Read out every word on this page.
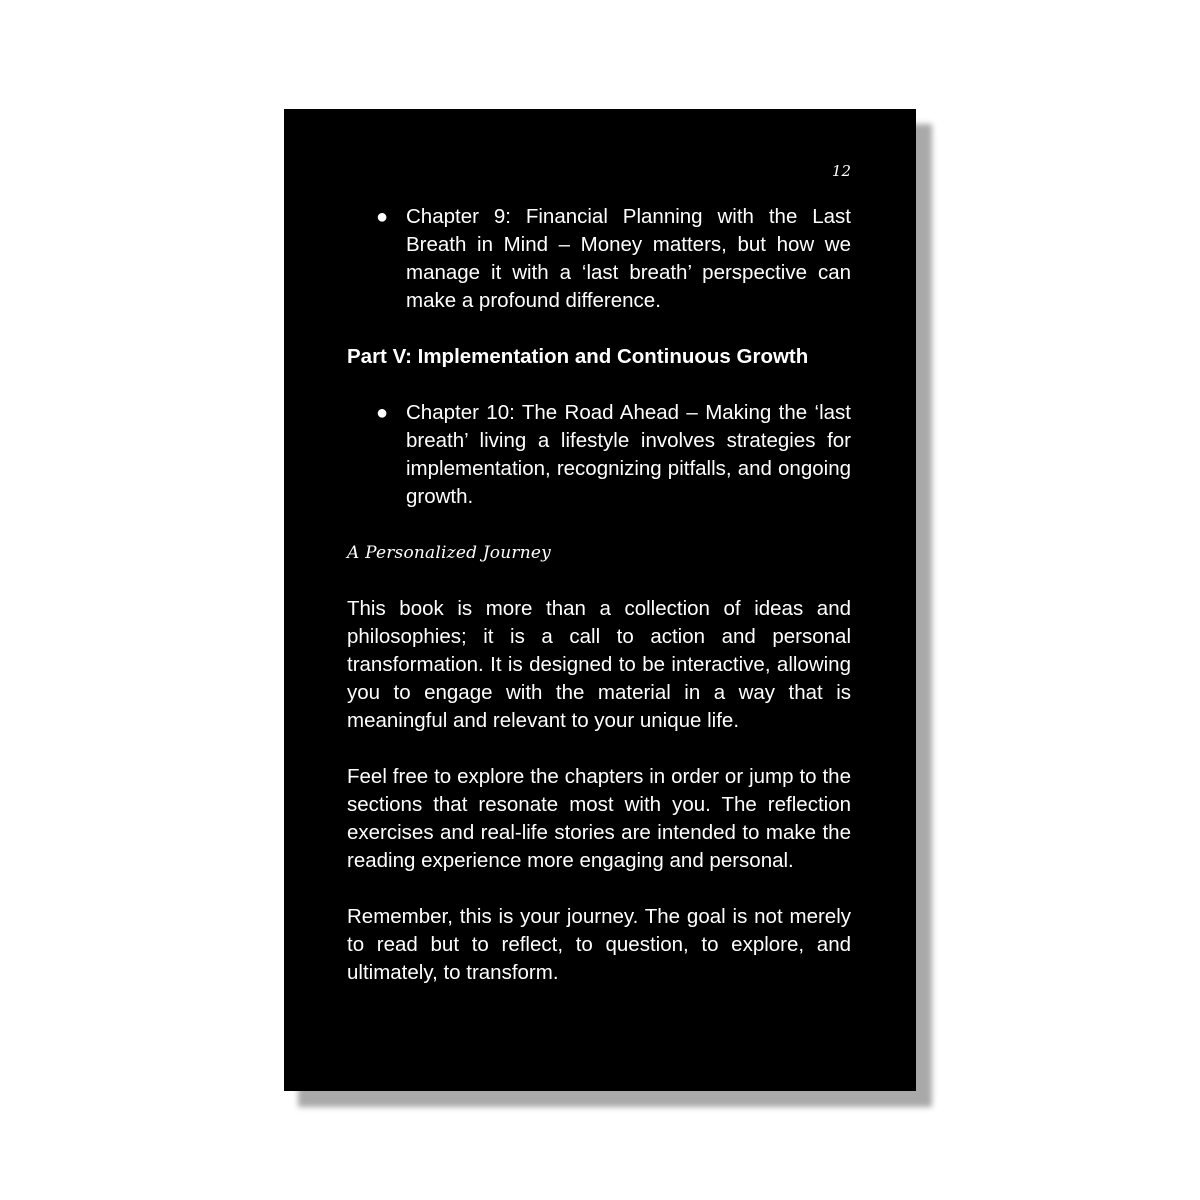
12

● Chapter 9: Financial Planning with the Last Breath in Mind – Money matters, but how we manage it with a ‘last breath’ perspective can make a profound difference.

Part V: Implementation and Continuous Growth

● Chapter 10: The Road Ahead – Making the ‘last breath’ living a lifestyle involves strategies for implementation, recognizing pitfalls, and ongoing growth.

A Personalized Journey

This book is more than a collection of ideas and philosophies; it is a call to action and personal transformation. It is designed to be interactive, allowing you to engage with the material in a way that is meaningful and relevant to your unique life.

Feel free to explore the chapters in order or jump to the sections that resonate most with you. The reflection exercises and real-life stories are intended to make the reading experience more engaging and personal.

Remember, this is your journey. The goal is not merely to read but to reflect, to question, to explore, and ultimately, to transform.
